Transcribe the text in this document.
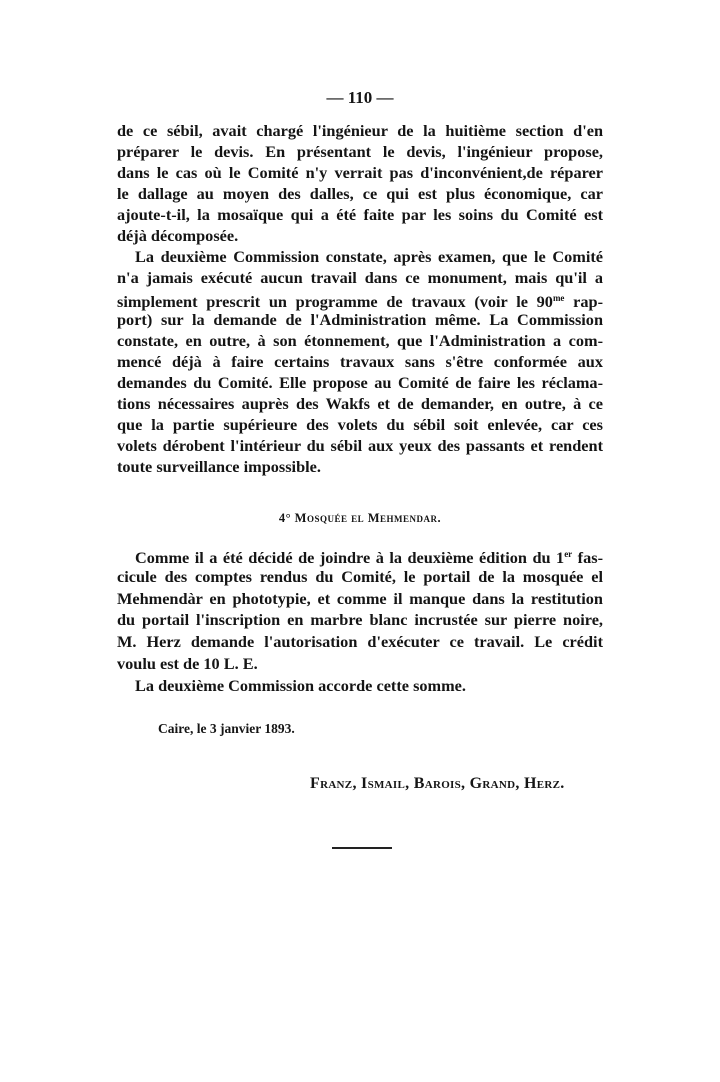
— 110 —
de ce sébil, avait chargé l'ingénieur de la huitième section d'en
préparer le devis. En présentant le devis, l'ingénieur propose,
dans le cas où le Comité n'y verrait pas d'inconvénient,de réparer
le dallage au moyen des dalles, ce qui est plus économique, car
ajoute-t-il, la mosaïque qui a été faite par les soins du Comité est
déjà décomposée.
La deuxième Commission constate, après examen, que le Comité
n'a jamais exécuté aucun travail dans ce monument, mais qu'il a
simplement prescrit un programme de travaux (voir le $90^{me}$ rap-
port) sur la demande de l'Administration même. La Commission
constate, en outre, à son étonnement, que l'Administration a com-
mencé déjà à faire certains travaux sans s'être conformée aux
demandes du Comité. Elle propose au Comité de faire les réclama-
tions nécessaires auprès des Wakfs et de demander, en outre, à ce
que la partie supérieure des volets du sébil soit enlevée, car ces
volets dérobent l'intérieur du sébil aux yeux des passants et rendent
toute surveillance impossible.
4° Mosquée el Mehmendar.
Comme il a été décidé de joindre à la deuxième édition du 1er fas-
cicule des comptes rendus du Comité, le portail de la mosquée el
Mehmendàr en phototypie, et comme il manque dans la restitution
du portail l'inscription en marbre blanc incrustée sur pierre noire,
M. Herz demande l'autorisation d'exécuter ce travail. Le crédit
voulu est de 10 L. E.
La deuxième Commission accorde cette somme.
Caire, le 3 janvier 1893.
Franz, Ismail, Barois, Grand, Herz.
